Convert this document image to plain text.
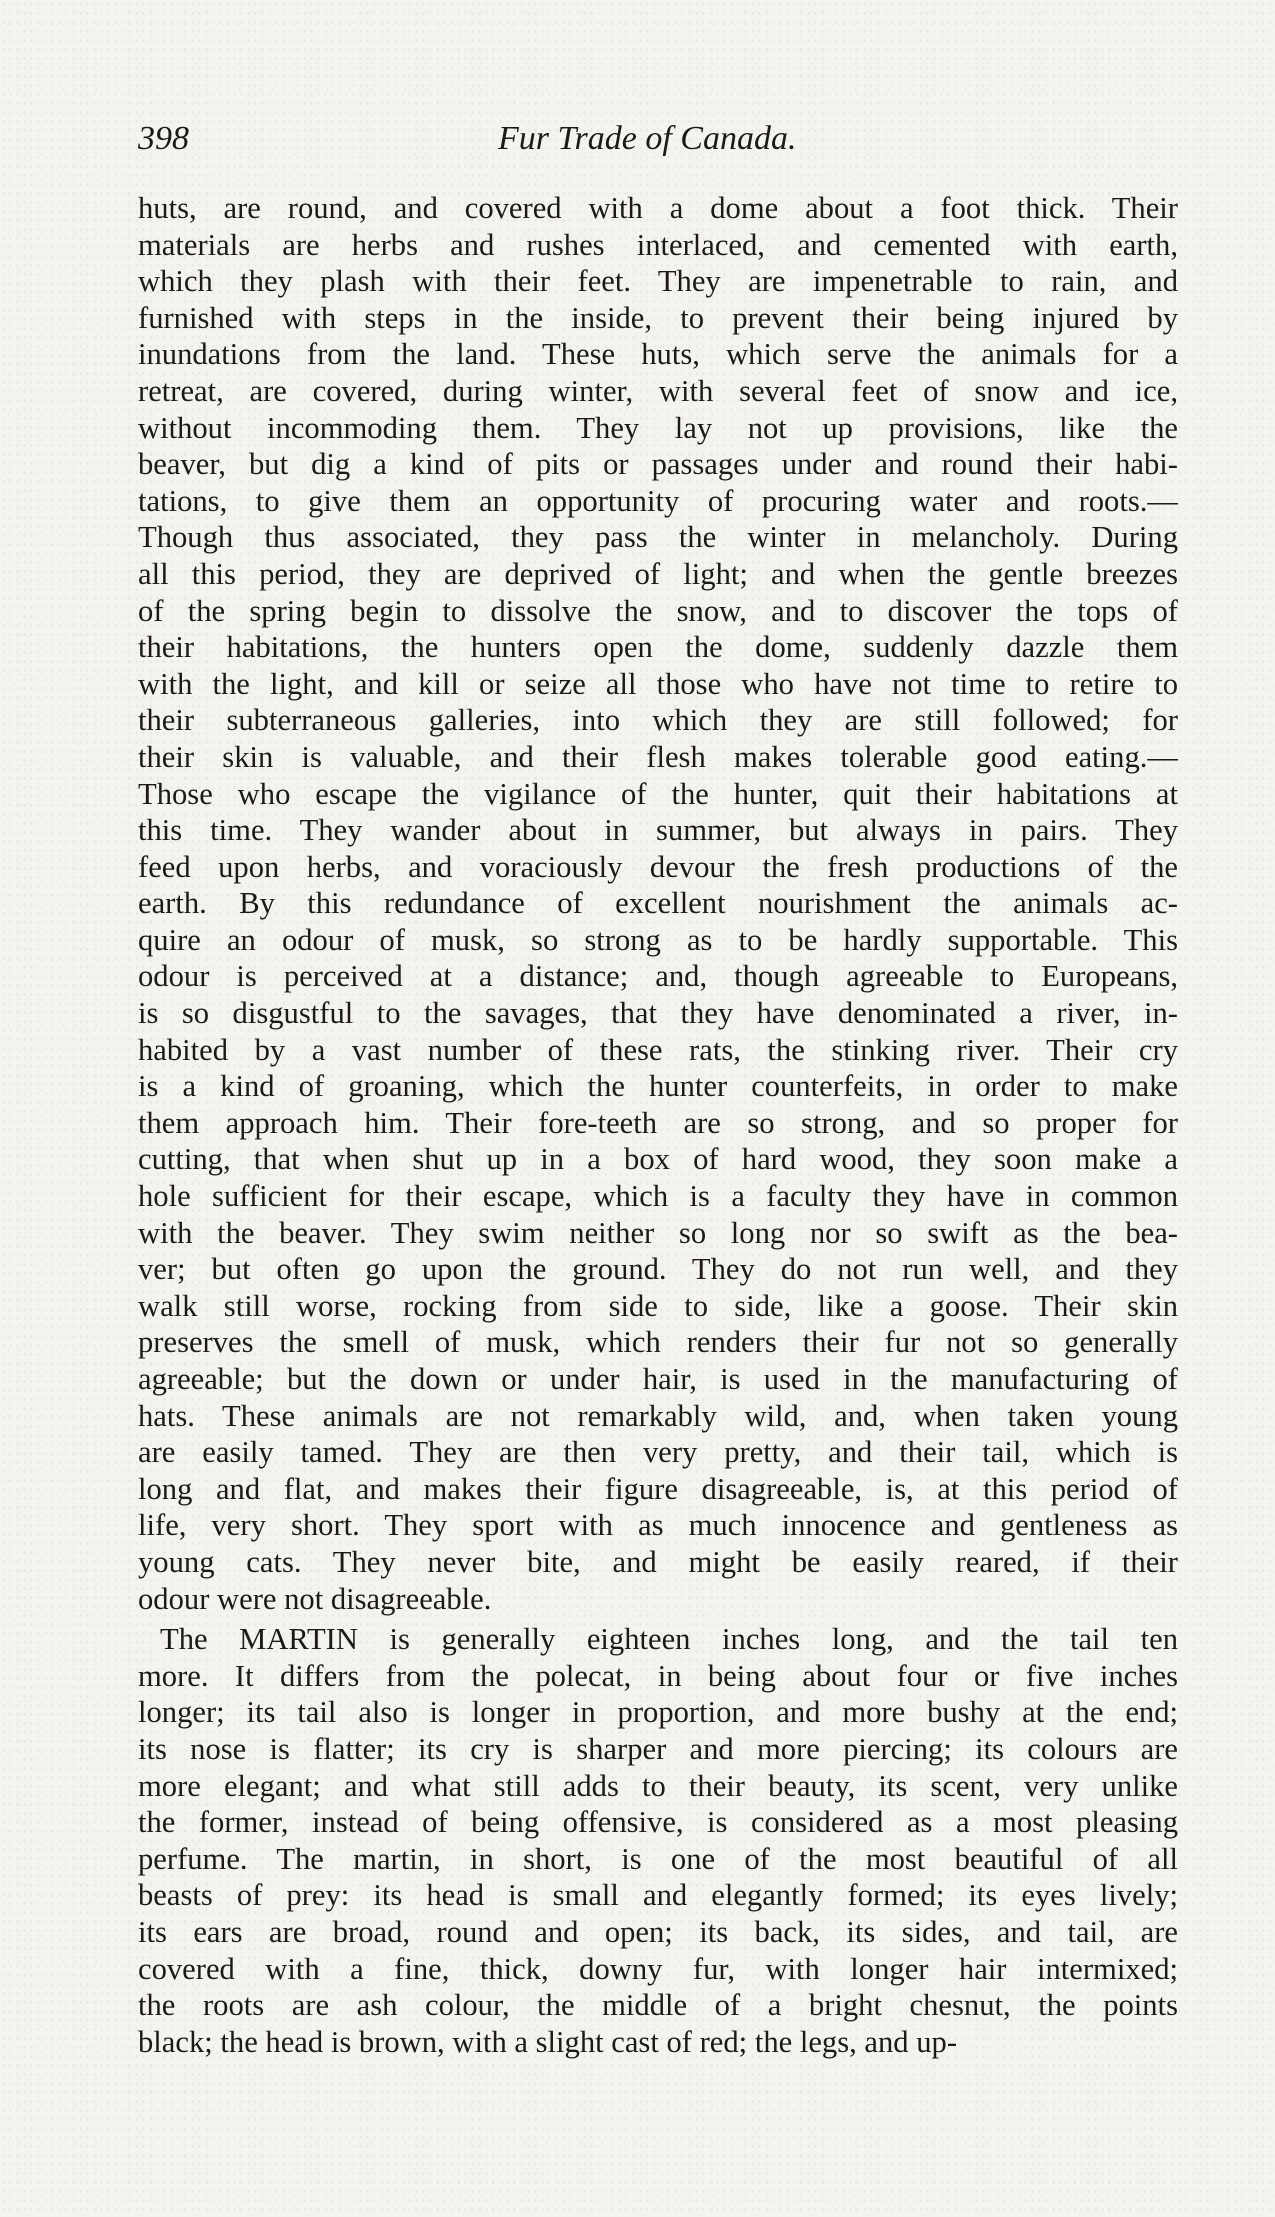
398	Fur Trade of Canada.
huts, are round, and covered with a dome about a foot thick. Their
materials are herbs and rushes interlaced, and cemented with earth,
which they plash with their feet. They are impenetrable to rain, and
furnished with steps in the inside, to prevent their being injured by
inundations from the land. These huts, which serve the animals for a
retreat, are covered, during winter, with several feet of snow and ice,
without incommoding them. They lay not up provisions, like the
beaver, but dig a kind of pits or passages under and round their habi-
tations, to give them an opportunity of procuring water and roots.—
Though thus associated, they pass the winter in melancholy. During
all this period, they are deprived of light; and when the gentle breezes
of the spring begin to dissolve the snow, and to discover the tops of
their habitations, the hunters open the dome, suddenly dazzle them
with the light, and kill or seize all those who have not time to retire to
their subterraneous galleries, into which they are still followed; for
their skin is valuable, and their flesh makes tolerable good eating.—
Those who escape the vigilance of the hunter, quit their habitations at
this time. They wander about in summer, but always in pairs. They
feed upon herbs, and voraciously devour the fresh productions of the
earth. By this redundance of excellent nourishment the animals ac-
quire an odour of musk, so strong as to be hardly supportable. This
odour is perceived at a distance; and, though agreeable to Europeans,
is so disgustful to the savages, that they have denominated a river, in-
habited by a vast number of these rats, the stinking river. Their cry
is a kind of groaning, which the hunter counterfeits, in order to make
them approach him. Their fore-teeth are so strong, and so proper for
cutting, that when shut up in a box of hard wood, they soon make a
hole sufficient for their escape, which is a faculty they have in common
with the beaver. They swim neither so long nor so swift as the bea-
ver; but often go upon the ground. They do not run well, and they
walk still worse, rocking from side to side, like a goose. Their skin
preserves the smell of musk, which renders their fur not so generally
agreeable; but the down or under hair, is used in the manufacturing of
hats. These animals are not remarkably wild, and, when taken young
are easily tamed. They are then very pretty, and their tail, which is
long and flat, and makes their figure disagreeable, is, at this period of
life, very short. They sport with as much innocence and gentleness as
young cats. They never bite, and might be easily reared, if their
odour were not disagreeable.
The MARTIN is generally eighteen inches long, and the tail ten
more. It differs from the polecat, in being about four or five inches
longer; its tail also is longer in proportion, and more bushy at the end;
its nose is flatter; its cry is sharper and more piercing; its colours are
more elegant; and what still adds to their beauty, its scent, very unlike
the former, instead of being offensive, is considered as a most pleasing
perfume. The martin, in short, is one of the most beautiful of all
beasts of prey: its head is small and elegantly formed; its eyes lively;
its ears are broad, round and open; its back, its sides, and tail, are
covered with a fine, thick, downy fur, with longer hair intermixed;
the roots are ash colour, the middle of a bright chesnut, the points
black; the head is brown, with a slight cast of red; the legs, and up-
